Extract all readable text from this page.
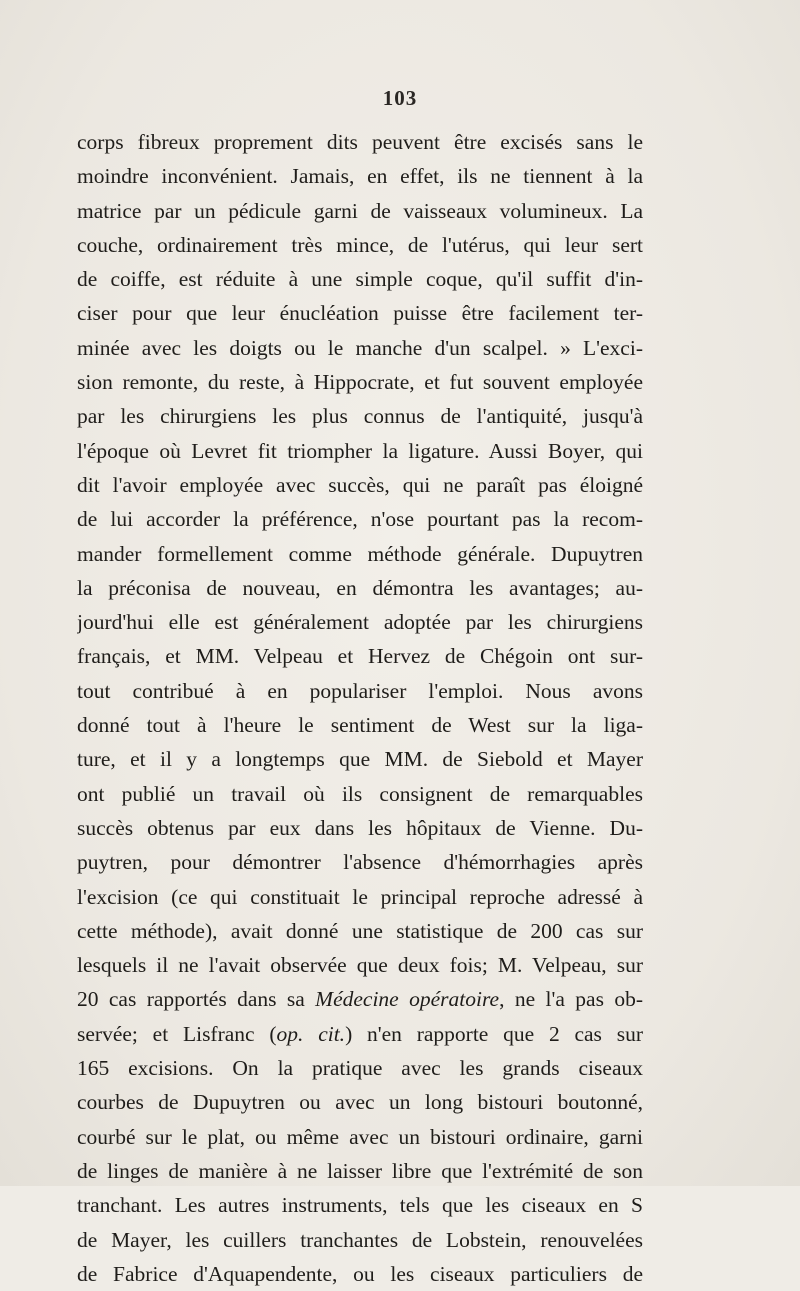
103
corps fibreux proprement dits peuvent être excisés sans le
moindre inconvénient. Jamais, en effet, ils ne tiennent à la
matrice par un pédicule garni de vaisseaux volumineux. La
couche, ordinairement très mince, de l'utérus, qui leur sert
de coiffe, est réduite à une simple coque, qu'il suffit d'in-
ciser pour que leur énucléation puisse être facilement ter-
minée avec les doigts ou le manche d'un scalpel. » L'exci-
sion remonte, du reste, à Hippocrate, et fut souvent employée
par les chirurgiens les plus connus de l'antiquité, jusqu'à
l'époque où Levret fit triompher la ligature. Aussi Boyer, qui
dit l'avoir employée avec succès, qui ne paraît pas éloigné
de lui accorder la préférence, n'ose pourtant pas la recom-
mander formellement comme méthode générale. Dupuytren
la préconisa de nouveau, en démontra les avantages; au-
jourd'hui elle est généralement adoptée par les chirurgiens
français, et MM. Velpeau et Hervez de Chégoin ont sur-
tout contribué à en populariser l'emploi. Nous avons
donné tout à l'heure le sentiment de West sur la liga-
ture, et il y a longtemps que MM. de Siebold et Mayer
ont publié un travail où ils consignent de remarquables
succès obtenus par eux dans les hôpitaux de Vienne. Du-
puytren, pour démontrer l'absence d'hémorrhagies après
l'excision (ce qui constituait le principal reproche adressé à
cette méthode), avait donné une statistique de 200 cas sur
lesquels il ne l'avait observée que deux fois; M. Velpeau, sur
20 cas rapportés dans sa Médecine opératoire, ne l'a pas ob-
servée; et Lisfranc (op. cit.) n'en rapporte que 2 cas sur
165 excisions. On la pratique avec les grands ciseaux
courbes de Dupuytren ou avec un long bistouri boutonné,
courbé sur le plat, ou même avec un bistouri ordinaire, garni
de linges de manière à ne laisser libre que l'extrémité de son
tranchant. Les autres instruments, tels que les ciseaux en S
de Mayer, les cuillers tranchantes de Lobstein, renouvelées
de Fabrice d'Aquapendente, ou les ciseaux particuliers de
